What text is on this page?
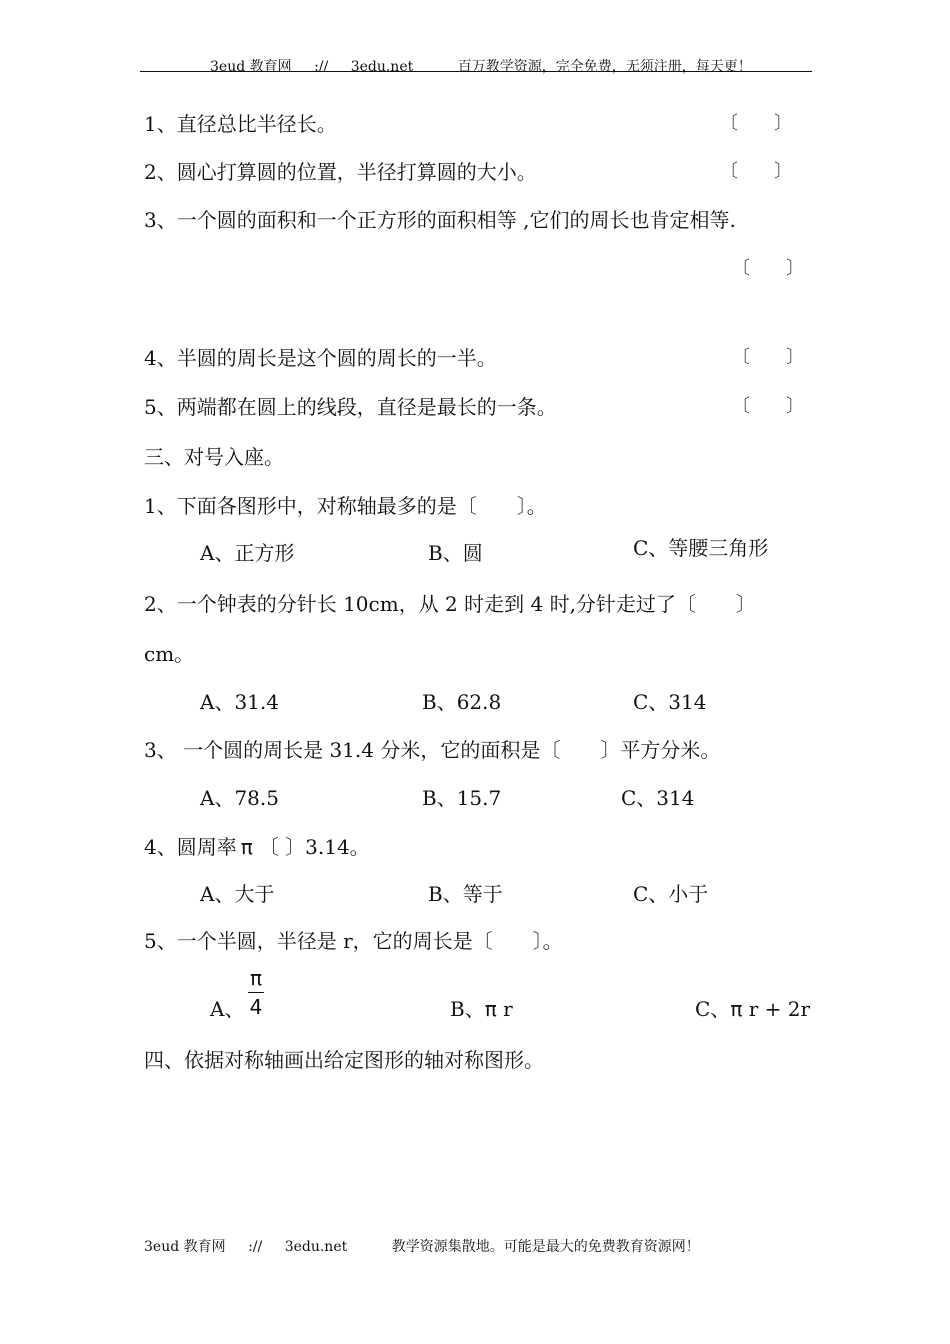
3eud 教育网 :// 3edu.net	百万教学资源，完全免费，无须注册，每天更！
1、直径总比半径长。	〔　　〕
2、圆心打算圆的位置，半径打算圆的大小。	〔　　〕
3、一个圆的面积和一个正方形的面积相等 ,它们的周长也肯定相等.
〔　　〕
4、半圆的周长是这个圆的周长的一半。	〔　　〕
5、两端都在圆上的线段，直径是最长的一条。	〔　　〕
三、对号入座。
1、下面各图形中，对称轴最多的是〔　　〕。
A、正方形	B、圆	C、等腰三角形
2、一个钟表的分针长 10cm，从 2 时走到 4 时,分针走过了〔　　〕
cm。
A、31.4	B、62.8	C、314
3、 一个圆的周长是 31.4 分米，它的面积是〔　　〕平方分米。
A、78.5	B、15.7	C、314
4、圆周率 π 〔 〕3.14。
A、大于	B、等于	C、小于
5、一个半圆，半径是 r，它的周长是〔　　〕。
A、
π
4	B、π r	C、π r + 2r
四、依据对称轴画出给定图形的轴对称图形。
3eud 教育网 :// 3edu.net	教学资源集散地。可能是最大的免费教育资源网！
